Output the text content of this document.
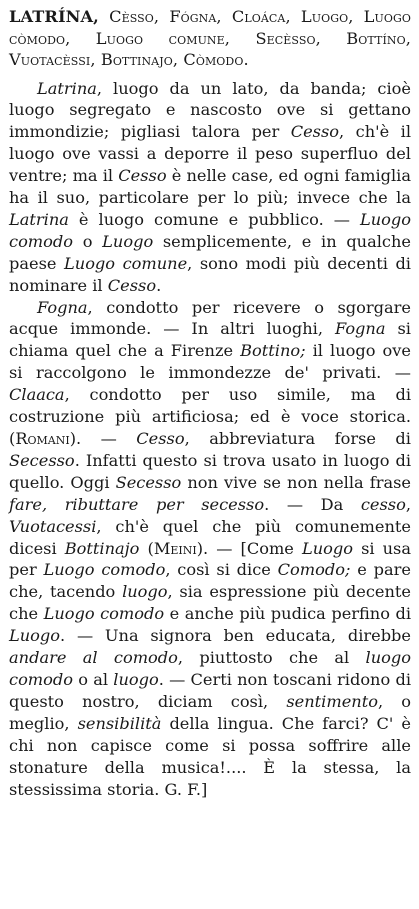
LATRÍNA, Cèsso, Fógna, Cloáca, Luogo, Luogo còmodo, Luogo comune, Secèsso, Bottíno, Vuotacèssi, Bottinajo, Còmodo.

Latrina, luogo da un lato, da banda; cioè luogo segregato e nascosto ove si gettano immondizie; pigliasi talora per Cesso, ch'è il luogo ove vassi a deporre il peso superfluo del ventre; ma il Cesso è nelle case, ed ogni famiglia ha il suo, particolare per lo più; invece che la Latrina è luogo comune e pubblico. — Luogo comodo o Luogo semplicemente, e in qualche paese Luogo comune, sono modi più decenti di nominare il Cesso.

Fogna, condotto per ricevere o sgorgare acque immonde. — In altri luoghi, Fogna si chiama quel che a Firenze Bottino; il luogo ove si raccolgono le immondezze de' privati. — Claaca, condotto per uso simile, ma di costruzione più artificiosa; ed è voce storica. (Romani). — Cesso, abbreviatura forse di Secesso. Infatti questo si trova usato in luogo di quello. Oggi Secesso non vive se non nella frase fare, ributtare per secesso. — Da cesso, Vuotacessi, ch'è quel che più comunemente dicesi Bottinajo (Meini). — [Come Luogo si usa per Luogo comodo, così si dice Comodo; e pare che, tacendo luogo, sia espressione più decente che Luogo comodo e anche più pudica perfino di Luogo. — Una signora ben educata, direbbe andare al comodo, piuttosto che al luogo comodo o al luogo. — Certi non toscani ridono di questo nostro, diciam così, sentimento, o meglio, sensibilità della lingua. Che farci? C' è chi non capisce come si possa soffrire alle stonature della musica!.... È la stessa, la stessissima storia. G. F.]
